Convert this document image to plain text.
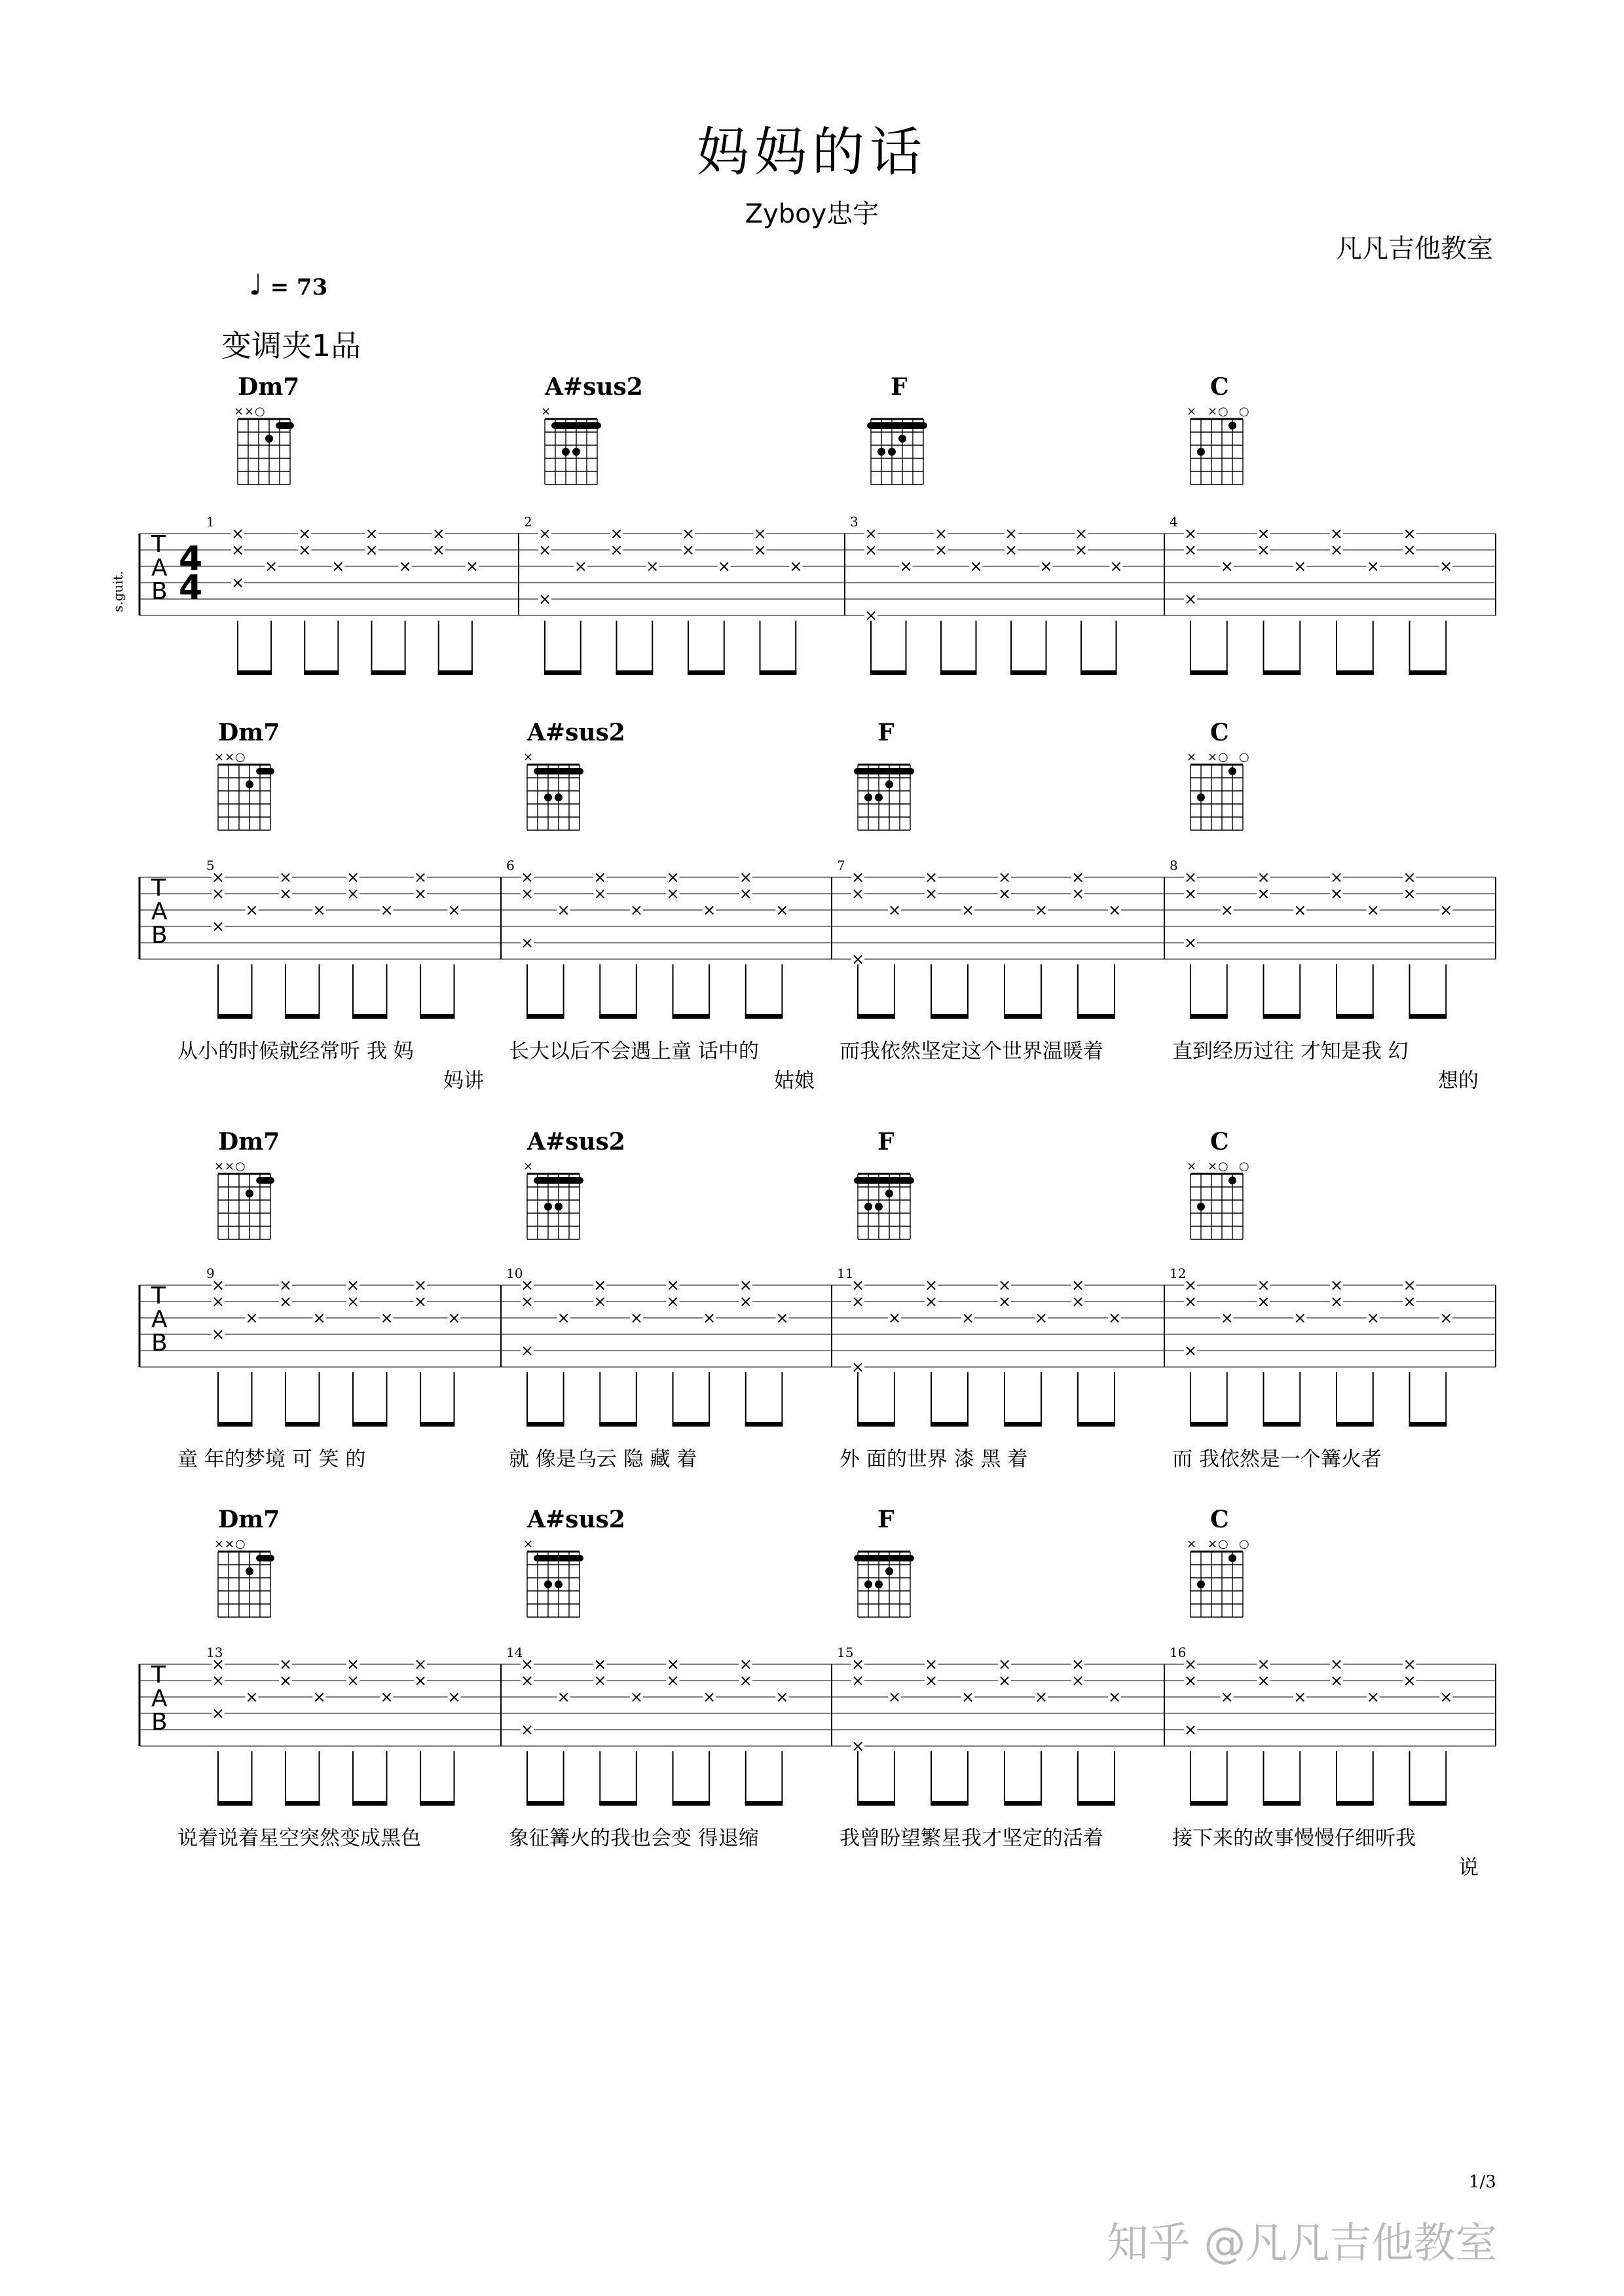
妈妈的话
Zyboy忠宇
凡凡吉他教室
♩ = 73
变调夹1品
T
A
B
4
4
× × ○
×
×
×
×
×
×
×
×
×
×
×
×
×
×
×
×
×
×
×
×
×
×
×
×
×
×
×
×
×
×
×
×
×
×
×
×
×
×
×
×
× × ○ ○
×
×
×
×
×
×
×
×
×
×
×
×
×
T
A
B
× × ○
×
×
×
×
×
×
×
×
×
×
×
×
×
×
×
×
×
×
×
×
×
×
×
×
×
×
×
×
×
×
×
×
×
×
×
×
×
×
×
×
× × ○ ○
×
×
×
×
×
×
×
×
×
×
×
×
×
T
A
B
× × ○
×
×
×
×
×
×
×
×
×
×
×
×
×
×
×
×
×
×
×
×
×
×
×
×
×
×
×
×
×
×
×
×
×
×
×
×
×
×
×
×
× × ○ ○
×
×
×
×
×
×
×
×
×
×
×
×
×
T
A
B
× × ○
×
×
×
×
×
×
×
×
×
×
×
×
×
×
×
×
×
×
×
×
×
×
×
×
×
×
×
×
×
×
×
×
×
×
×
×
×
×
×
×
× × ○ ○
×
×
×
×
×
×
×
×
×
×
×
×
×
1/3
知乎 @凡凡吉他教室
s.guit.
1
Dm7
2
A#sus2
3
F
4
C
5
Dm7
从小的时候就经常听 我 妈
妈讲
6
A#sus2
长大以后不会遇上童 话中的
姑娘
7
F
而我依然坚定这个世界温暖着
8
C
直到经历过往 才知是我 幻
想的
9
Dm7
童 年的梦境 可 笑 的
10
A#sus2
就 像是乌云 隐 藏 着
11
F
外 面的世界 漆 黑 着
12
C
而 我依然是一个篝火者
13
Dm7
说着说着星空突然变成黑色
14
A#sus2
象征篝火的我也会变 得退缩
15
F
我曾盼望繁星我才坚定的活着
16
C
接下来的故事慢慢仔细听我
说
